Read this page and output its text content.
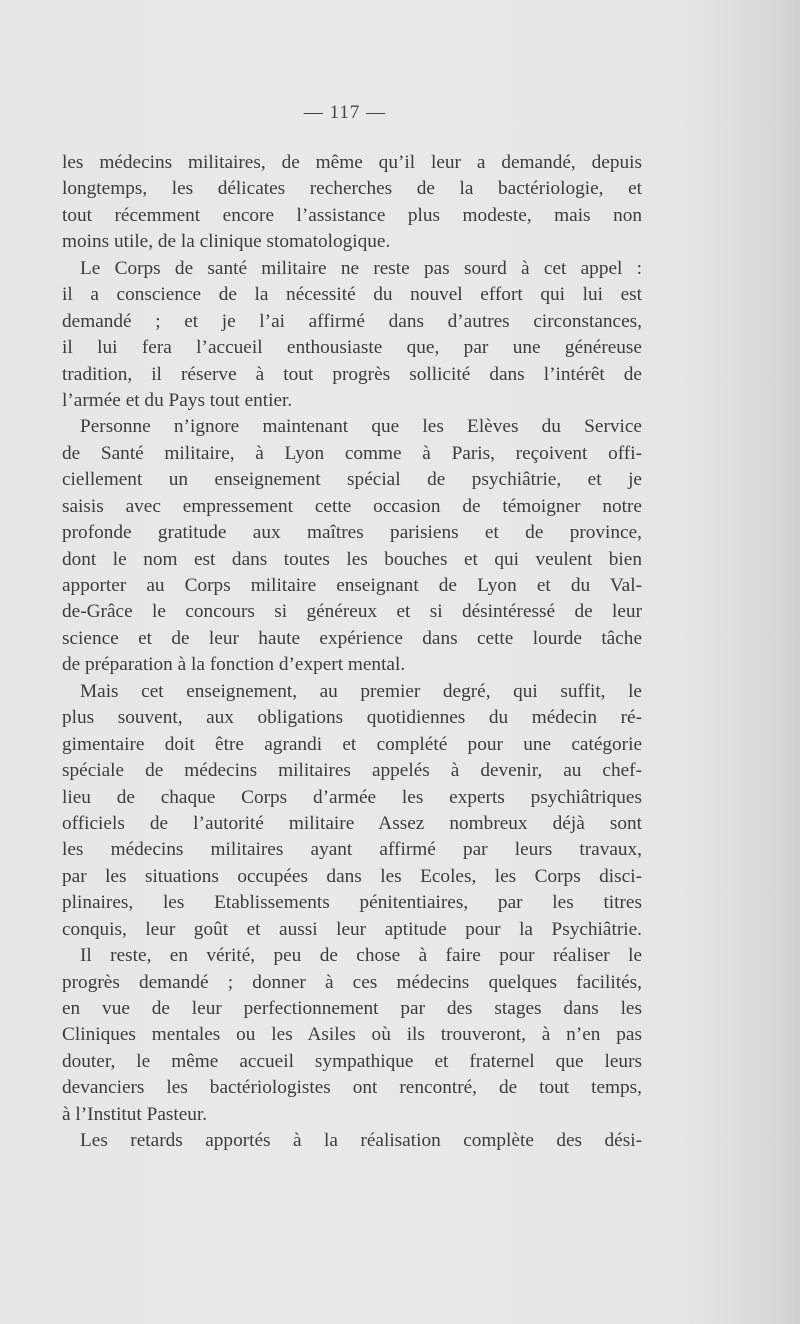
— 117 —
les médecins militaires, de même qu’il leur a demandé, depuis
longtemps, les délicates recherches de la bactériologie, et
tout récemment encore l’assistance plus modeste, mais non
moins utile, de la clinique stomatologique.
Le Corps de santé militaire ne reste pas sourd à cet appel :
il a conscience de la nécessité du nouvel effort qui lui est
demandé ; et je l’ai affirmé dans d’autres circonstances,
il lui fera l’accueil enthousiaste que, par une généreuse
tradition, il réserve à tout progrès sollicité dans l’intérêt de
l’armée et du Pays tout entier.
Personne n’ignore maintenant que les Elèves du Service
de Santé militaire, à Lyon comme à Paris, reçoivent offi-
ciellement un enseignement spécial de psychiâtrie, et je
saisis avec empressement cette occasion de témoigner notre
profonde gratitude aux maîtres parisiens et de province,
dont le nom est dans toutes les bouches et qui veulent bien
apporter au Corps militaire enseignant de Lyon et du Val-
de-Grâce le concours si généreux et si désintéressé de leur
science et de leur haute expérience dans cette lourde tâche
de préparation à la fonction d’expert mental.
Mais cet enseignement, au premier degré, qui suffit, le
plus souvent, aux obligations quotidiennes du médecin ré-
gimentaire doit être agrandi et complété pour une catégorie
spéciale de médecins militaires appelés à devenir, au chef-
lieu de chaque Corps d’armée les experts psychiâtriques
officiels de l’autorité militaire Assez nombreux déjà sont
les médecins militaires ayant affirmé par leurs travaux,
par les situations occupées dans les Ecoles, les Corps disci-
plinaires, les Etablissements pénitentiaires, par les titres
conquis, leur goût et aussi leur aptitude pour la Psychiâtrie.
Il reste, en vérité, peu de chose à faire pour réaliser le
progrès demandé ; donner à ces médecins quelques facilités,
en vue de leur perfectionnement par des stages dans les
Cliniques mentales ou les Asiles où ils trouveront, à n’en pas
douter, le même accueil sympathique et fraternel que leurs
devanciers les bactériologistes ont rencontré, de tout temps,
à l’Institut Pasteur.
Les retards apportés à la réalisation complète des dési-
